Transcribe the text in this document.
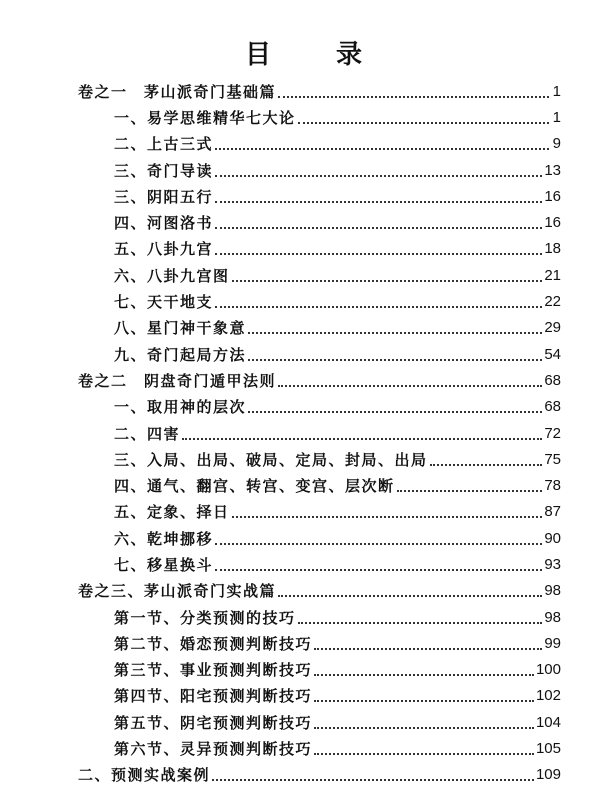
目 录
卷之一　茅山派奇门基础篇	1
一、易学思维精华七大论	1
二、上古三式	9
三、奇门导读	13
三、阴阳五行	16
四、河图洛书	16
五、八卦九宫	18
六、八卦九宫图	21
七、天干地支	22
八、星门神干象意	29
九、奇门起局方法	54
卷之二　阴盘奇门遁甲法则	68
一、取用神的层次	68
二、四害	72
三、入局、出局、破局、定局、封局、出局	75
四、通气、翻宫、转宫、变宫、层次断	78
五、定象、择日	87
六、乾坤挪移	90
七、移星换斗	93
卷之三、茅山派奇门实战篇	98
第一节、分类预测的技巧	98
第二节、婚恋预测判断技巧	99
第三节、事业预测判断技巧	100
第四节、阳宅预测判断技巧	102
第五节、阴宅预测判断技巧	104
第六节、灵异预测判断技巧	105
二、预测实战案例	109
